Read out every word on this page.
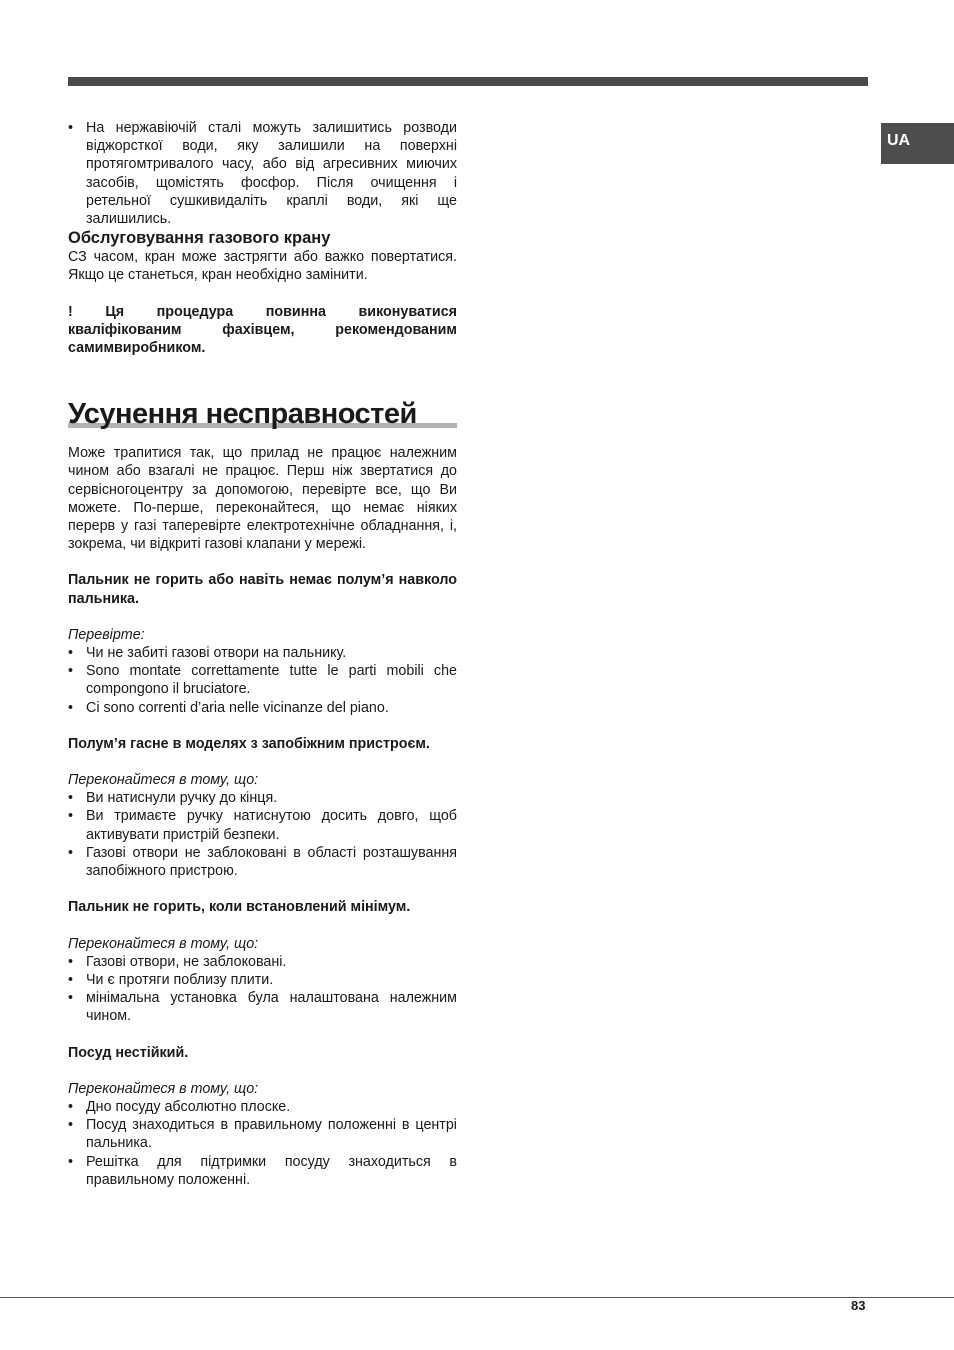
UA
• На нержавіючій сталі можуть залишитись розводи віджорсткої води, яку залишили на поверхні протягомтривалого часу, або від агресивних миючих засобів, щомістять фосфор. Після очищення і ретельної сушкивидаліть краплі води, які ще залишились.

Обслуговування газового крану

СЗ часом, кран може застрягти або важко повертатися. Якщо це станеться, кран необхідно замінити.

! Ця процедура повинна виконуватися кваліфікованим фахівцем, рекомендованим самимвиробником.

Усунення несправностей

Може трапитися так, що прилад не працює належним чином або взагалі не працює. Перш ніж звертатися до сервісногоцентру за допомогою, перевірте все, що Ви можете. По-перше, переконайтеся, що немає ніяких перерв у газі таперевірте електротехнічне обладнання, і, зокрема, чи відкриті газові клапани у мережі.

Пальник не горить або навіть немає полум’я навколо пальника.

Перевірте:

• Чи не забиті газові отвори на пальнику.
• Sono montate correttamente tutte le parti mobili che compongono il bruciatore.
• Ci sono correnti d’aria nelle vicinanze del piano.

Полум’я гасне в моделях з запобіжним пристроєм.

Переконайтеся в тому, що:

• Ви натиснули ручку до кінця.
• Ви тримаєте ручку натиснутою досить довго, щоб активувати пристрій безпеки.
• Газові отвори не заблоковані в області розташування запобіжного пристрою.

Пальник не горить, коли встановлений мінімум.

Переконайтеся в тому, що:

• Газові отвори, не заблоковані.
• Чи є протяги поблизу плити.
• мінімальна установка була налаштована належним чином.

Посуд нестійкий.

Переконайтеся в тому, що:

• Дно посуду абсолютно плоске.
• Посуд знаходиться в правильному положенні в центрі пальника.
• Решітка для підтримки посуду знаходиться в правильному положенні.
83
